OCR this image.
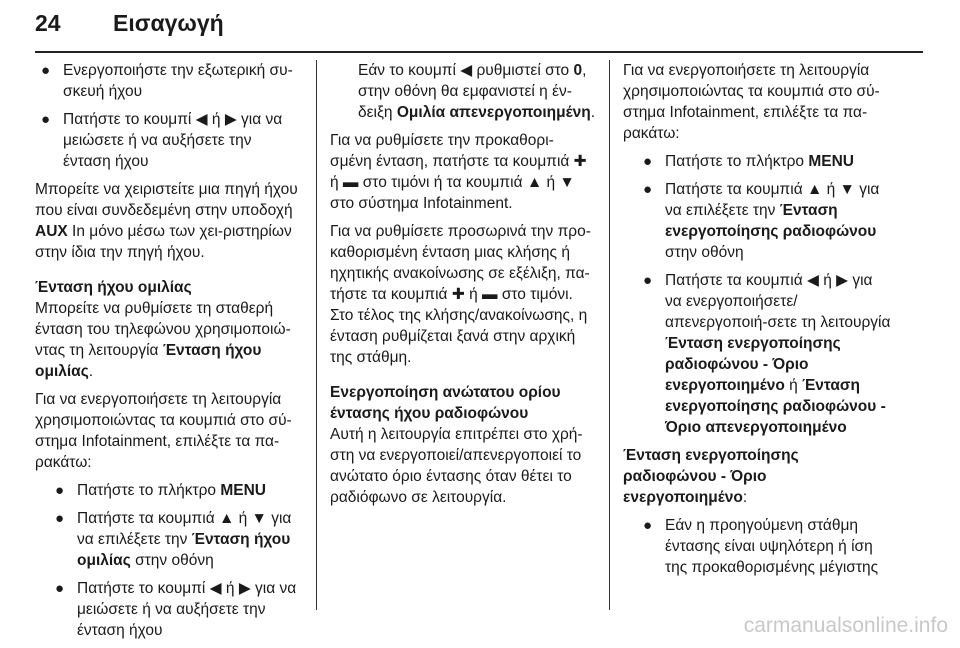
24 Εισαγωγή
● Ενεργοποιήστε την εξωτερική συ-σκευή ήχου
● Πατήστε το κουμπί ◀ ή ▶ για να μειώσετε ή να αυξήσετε την ένταση ήχου

Μπορείτε να χειριστείτε μια πηγή ήχου που είναι συνδεδεμένη στην υποδοχή AUX In μόνο μέσω των χει-ριστηρίων στην ίδια την πηγή ήχου.

Ένταση ήχου ομιλίας

Μπορείτε να ρυθμίσετε τη σταθερή ένταση του τηλεφώνου χρησιμοποιώ-ντας τη λειτουργία Ένταση ήχου ομιλίας.

Για να ενεργοποιήσετε τη λειτουργία χρησιμοποιώντας τα κουμπιά στο σύ-στημα Infotainment, επιλέξτε τα πα-ρακάτω:

● Πατήστε το πλήκτρο MENU
● Πατήστε τα κουμπιά ▲ ή ▼ για να επιλέξετε την Ένταση ήχου ομιλίας στην οθόνη
● Πατήστε το κουμπί ◀ ή ▶ για να μειώσετε ή να αυξήσετε την ένταση ήχου

Εάν το κουμπί ◀ ρυθμιστεί στο 0, στην οθόνη θα εμφανιστεί η έν-δειξη Ομιλία απενεργοποιημένη.

Για να ρυθμίσετε την προκαθορι-σμένη ένταση, πατήστε τα κουμπιά ✚ ή ▬ στο τιμόνι ή τα κουμπιά ▲ ή ▼ στο σύστημα Infotainment.

Για να ρυθμίσετε προσωρινά την προ-καθορισμένη ένταση μιας κλήσης ή ηχητικής ανακοίνωσης σε εξέλιξη, πα-τήστε τα κουμπιά ✚ ή ▬ στο τιμόνι. Στο τέλος της κλήσης/ανακοίνωσης, η ένταση ρυθμίζεται ξανά στην αρχική της στάθμη.

Ενεργοποίηση ανώτατου ορίου έντασης ήχου ραδιοφώνου

Αυτή η λειτουργία επιτρέπει στο χρή-στη να ενεργοποιεί/απενεργοποιεί το ανώτατο όριο έντασης όταν θέτει το ραδιόφωνο σε λειτουργία.

Για να ενεργοποιήσετε τη λειτουργία χρησιμοποιώντας τα κουμπιά στο σύ-στημα Infotainment, επιλέξτε τα πα-ρακάτω:

● Πατήστε το πλήκτρο MENU
● Πατήστε τα κουμπιά ▲ ή ▼ για να επιλέξετε την Ένταση ενεργοποίησης ραδιοφώνου στην οθόνη
● Πατήστε τα κουμπιά ◀ ή ▶ για να ενεργοποιήσετε/απενεργοποιή-σετε τη λειτουργία Ένταση ενεργοποίησης ραδιοφώνου - Όριο ενεργοποιημένο ή Ένταση ενεργοποίησης ραδιοφώνου - Όριο απενεργοποιημένο

Ένταση ενεργοποίησης ραδιοφώνου - Όριο ενεργοποιημένο:

● Εάν η προηγούμενη στάθμη έντασης είναι υψηλότερη ή ίση της προκαθορισμένης μέγιστης
carmanualsonline.info
